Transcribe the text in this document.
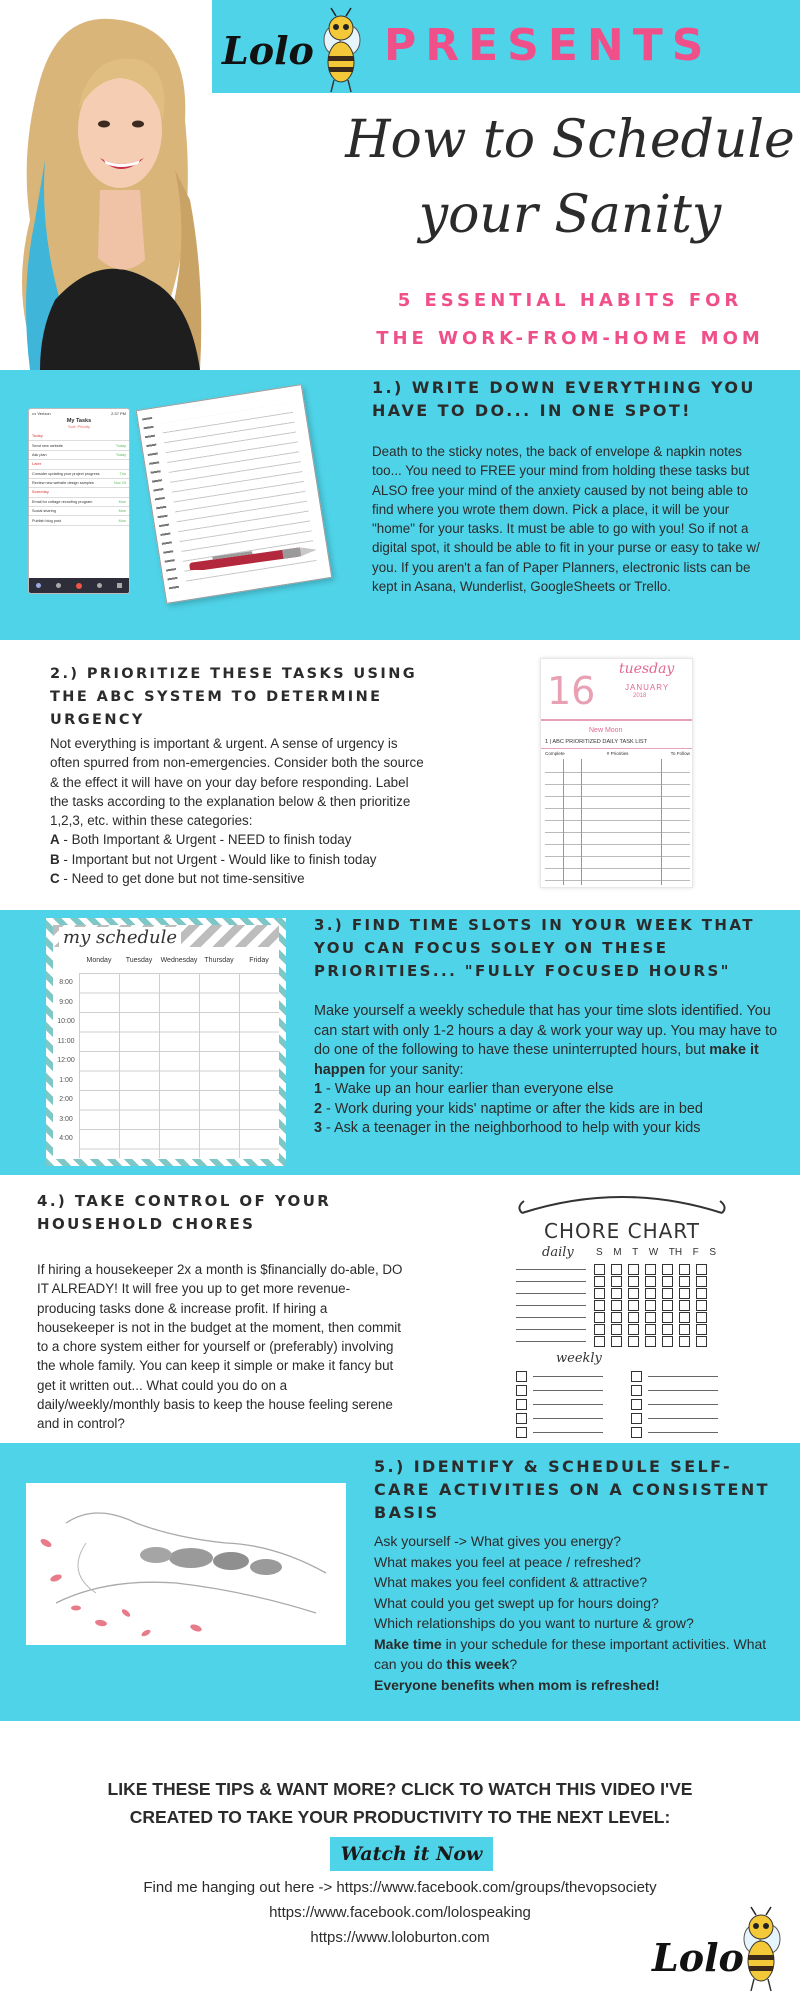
Lolo PRESENTS
How to Schedule
your Sanity
5 ESSENTIAL HABITS FOR
THE WORK-FROM-HOME MOM
••• Verizon	2:37 PM
My Tasks
Sort: Priority
Today
Send new website	Today
Ask plan	Today
Later
Consider updating your project progress	Thu
Review new website design samples	Nov 20
Someday
Email for cottage recruiting program	Mon
Social sharing	Mon
Publish blog post	Mon
1.) WRITE DOWN EVERYTHING YOU HAVE TO DO... IN ONE SPOT!
Death to the sticky notes, the back of envelope & napkin notes too... You need to FREE your mind from holding these tasks but ALSO free your mind of the anxiety caused by not being able to find where you wrote them down. Pick a place, it will be your "home" for your tasks. It must be able to go with you! So if not a digital spot, it should be able to fit in your purse or easy to take w/ you. If you aren't a fan of Paper Planners, electronic lists can be kept in Asana, Wunderlist, GoogleSheets or Trello.
2.) PRIORITIZE THESE TASKS USING THE ABC SYSTEM TO DETERMINE URGENCY
Not everything is important & urgent. A sense of urgency is often spurred from non-emergencies. Consider both the source & the effect it will have on your day before responding. Label the tasks according to the explanation below & then prioritize 1,2,3, etc. within these categories:
A - Both Important & Urgent - NEED to finish today
B - Important but not Urgent - Would like to finish today
C - Need to get done but not time-sensitive
16 tuesday
JANUARY
2018
New Moon
1 | ABC PRIORITIZED DAILY TASK LIST
Complete	# Priorities	To Follow
my schedule
Monday	Tuesday	Wednesday Thursday	Friday
8:00
9:00
10:00
11:00
12:00
1:00
2:00
3:00
4:00
3.) FIND TIME SLOTS IN YOUR WEEK THAT YOU CAN FOCUS SOLEY ON THESE PRIORITIES... "FULLY FOCUSED HOURS"
Make yourself a weekly schedule that has your time slots identified. You can start with only 1-2 hours a day & work your way up. You may have to do one of the following to have these uninterrupted hours, but make it happen for your sanity:
1 - Wake up an hour earlier than everyone else
2 - Work during your kids' naptime or after the kids are in bed
3 - Ask a teenager in the neighborhood to help with your kids
4.) TAKE CONTROL OF YOUR HOUSEHOLD CHORES
If hiring a housekeeper 2x a month is $financially do-able, DO IT ALREADY! It will free you up to get more revenue-producing tasks done & increase profit. If hiring a housekeeper is not in the budget at the moment, then commit to a chore system either for yourself or (preferably) involving the whole family. You can keep it simple or make it fancy but get it written out... What could you do on a daily/weekly/monthly basis to keep the house feeling serene and in control?
CHORE CHART
daily S M T W TH F S
weekly
5.) IDENTIFY & SCHEDULE SELF-CARE ACTIVITIES ON A CONSISTENT BASIS
Ask yourself -> What gives you energy?
What makes you feel at peace / refreshed?
What makes you feel confident & attractive?
What could you get swept up for hours doing?
Which relationships do you want to nurture & grow?
Make time in your schedule for these important activities. What can you do this week?
Everyone benefits when mom is refreshed!
LIKE THESE TIPS & WANT MORE? CLICK TO WATCH THIS VIDEO I'VE
CREATED TO TAKE YOUR PRODUCTIVITY TO THE NEXT LEVEL:
Watch it Now
Find me hanging out here -> https://www.facebook.com/groups/thevopsociety
https://www.facebook.com/lolospeaking
https://www.loloburton.com	Lolo
